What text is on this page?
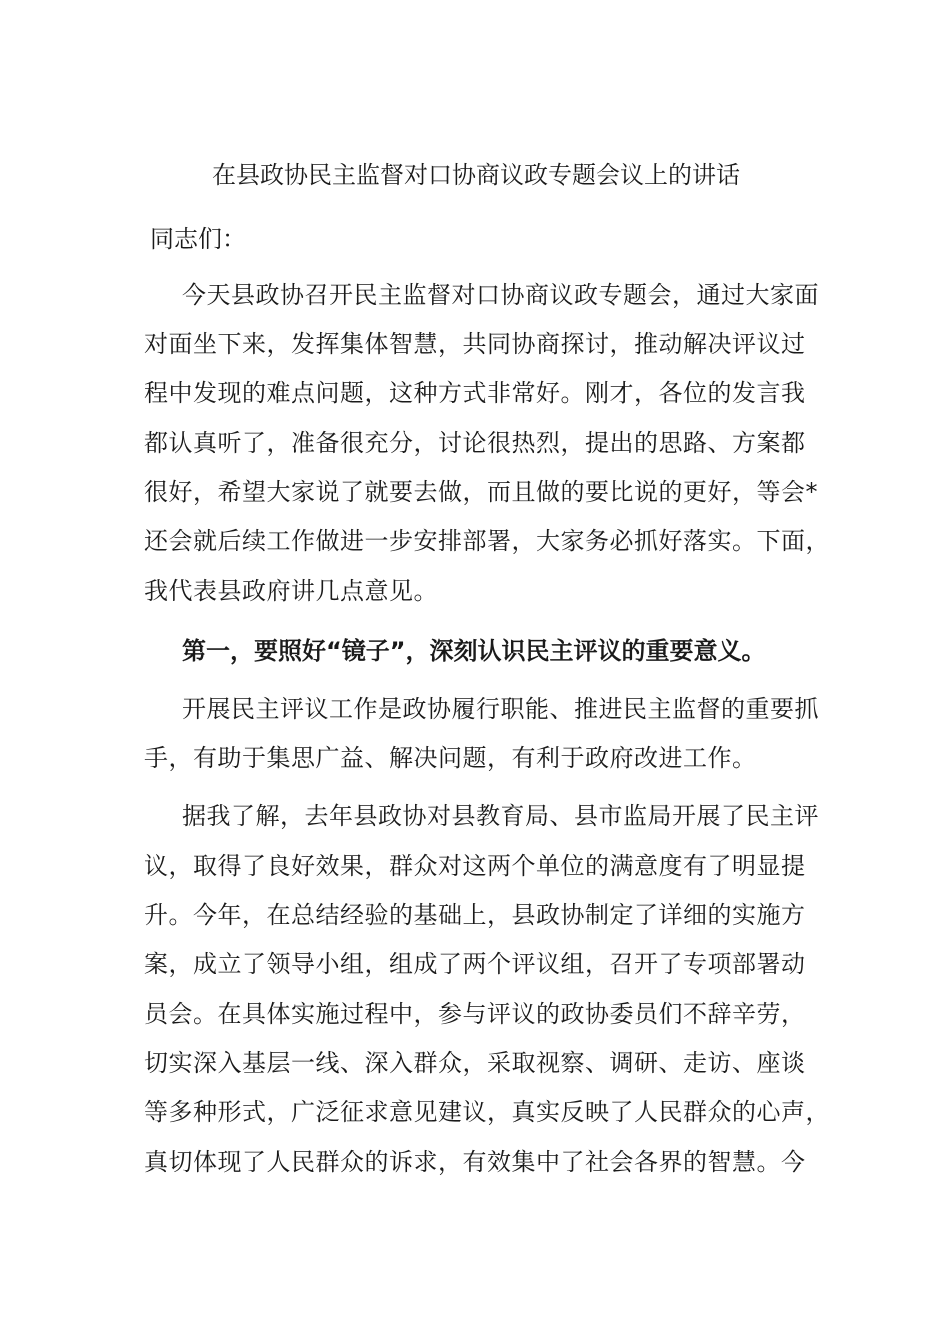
在县政协民主监督对口协商议政专题会议上的讲话
同志们：
今天县政协召开民主监督对口协商议政专题会，通过大家面
对面坐下来，发挥集体智慧，共同协商探讨，推动解决评议过
程中发现的难点问题，这种方式非常好。刚才，各位的发言我
都认真听了，准备很充分，讨论很热烈，提出的思路、方案都
很好，希望大家说了就要去做，而且做的要比说的更好，等会*
还会就后续工作做进一步安排部署，大家务必抓好落实。下面，
我代表县政府讲几点意见。
第一，要照好“镜子”，深刻认识民主评议的重要意义。
开展民主评议工作是政协履行职能、推进民主监督的重要抓
手，有助于集思广益、解决问题，有利于政府改进工作。
据我了解，去年县政协对县教育局、县市监局开展了民主评
议，取得了良好效果，群众对这两个单位的满意度有了明显提
升。今年，在总结经验的基础上，县政协制定了详细的实施方
案，成立了领导小组，组成了两个评议组，召开了专项部署动
员会。在具体实施过程中，参与评议的政协委员们不辞辛劳，
切实深入基层一线、深入群众，采取视察、调研、走访、座谈
等多种形式，广泛征求意见建议，真实反映了人民群众的心声，
真切体现了人民群众的诉求，有效集中了社会各界的智慧。今
